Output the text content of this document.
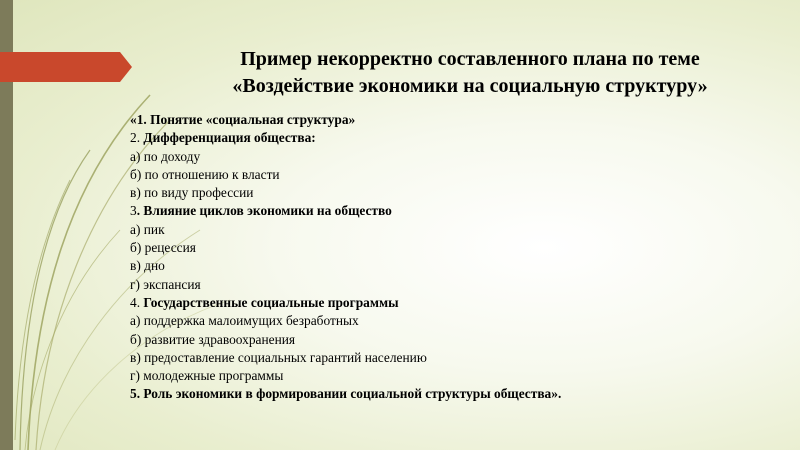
Пример некорректно составленного плана по теме
«Воздействие экономики на социальную структуру»
«1. Понятие «социальная структура»
2. Дифференциация общества:
а) по доходу
б) по отношению к власти
в) по виду профессии
3. Влияние циклов экономики на общество
а) пик
б) рецессия
в) дно
г) экспансия
4. Государственные социальные программы
а) поддержка малоимущих безработных
б) развитие здравоохранения
в) предоставление социальных гарантий населению
г) молодежные программы
5. Роль экономики в формировании социальной структуры общества».
